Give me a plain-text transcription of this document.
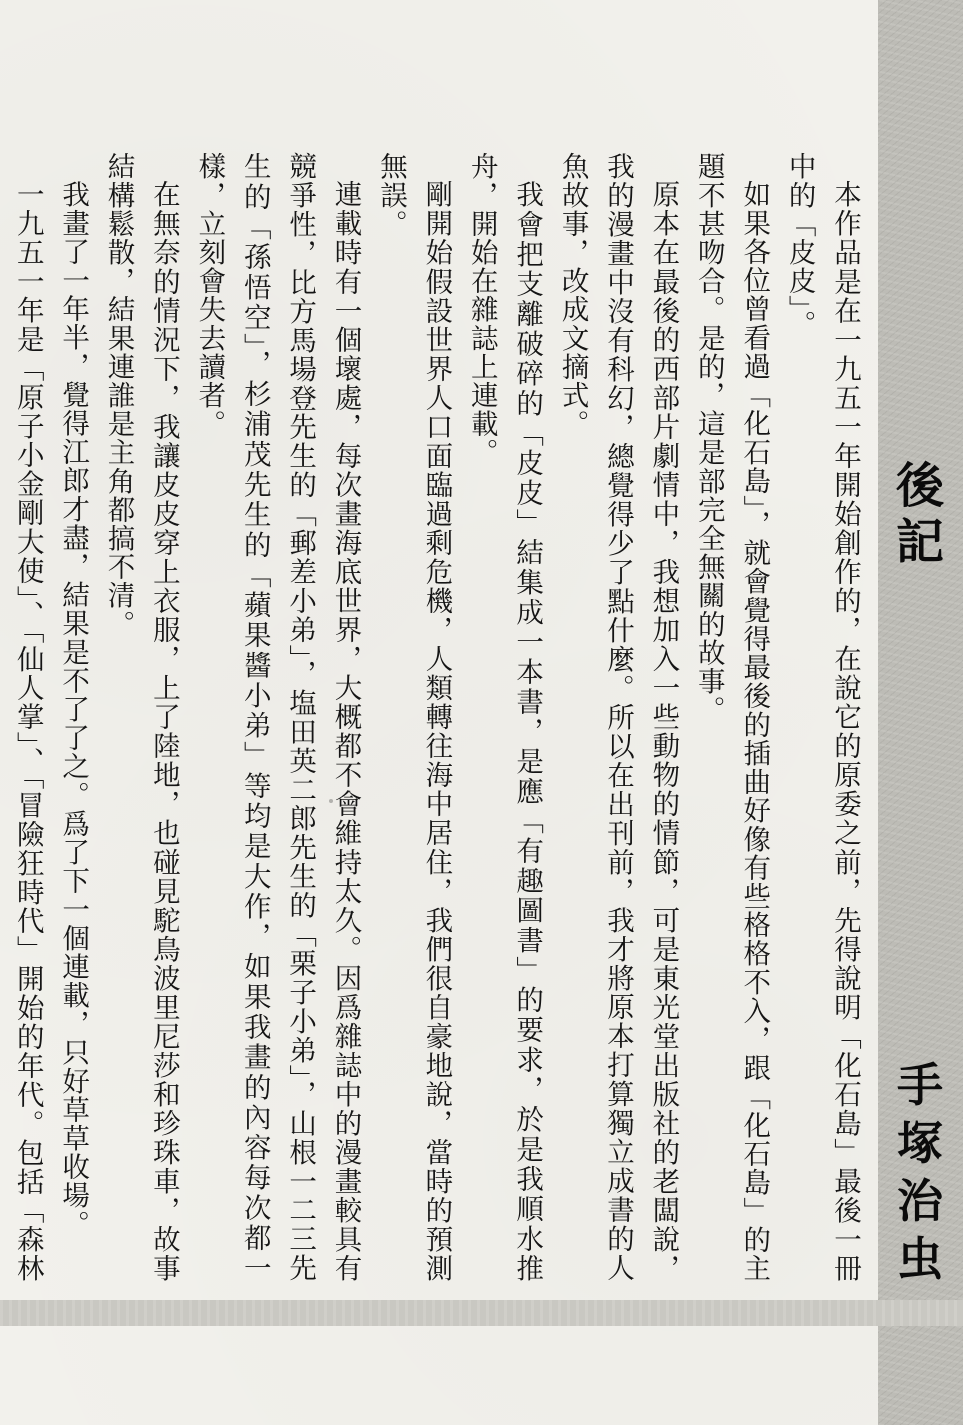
後
記
手
塚
治
虫

本作品是在一九五一年開始創作的，在說它的原委之前，先得說明「化石島」最後一冊中的「皮皮」。

如果各位曾看過「化石島」，就會覺得最後的插曲好像有些格格不入，跟「化石島」的主題不甚吻合。是的，這是部完全無關的故事。

原本在最後的西部片劇情中，我想加入一些動物的情節，可是東光堂出版社的老闆說，我的漫畫中沒有科幻，總覺得少了點什麼。所以在出刊前，我才將原本打算獨立成書的人魚故事，改成文摘式。

我會把支離破碎的「皮皮」結集成一本書，是應「有趣圖書」的要求，於是我順水推舟，開始在雜誌上連載。

剛開始假設世界人口面臨過剩危機，人類轉往海中居住，我們很自豪地說，當時的預測無誤。

連載時有一個壞處，每次畫海底世界，大概都不會維持太久。因爲雜誌中的漫畫較具有競爭性，比方馬場登先生的「郵差小弟」，塩田英二郎先生的「栗子小弟」，山根一二三先生的「孫悟空」，杉浦茂先生的「蘋果醬小弟」等均是大作，如果我畫的內容每次都一樣，立刻會失去讀者。

在無奈的情況下，我讓皮皮穿上衣服，上了陸地，也碰見駝鳥波里尼莎和珍珠車，故事結構鬆散，結果連誰是主角都搞不清。

我畫了一年半，覺得江郎才盡，結果是不了了之。爲了下一個連載，只好草草收場。

一九五一年是「原子小金剛大使」、「仙人掌」、「冒險狂時代」開始的年代。包括「森林
